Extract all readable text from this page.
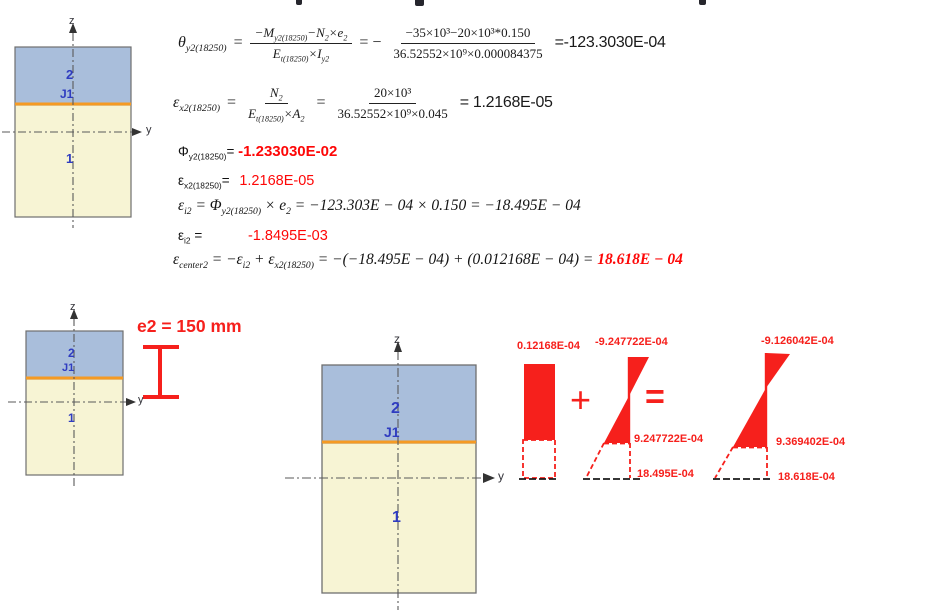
$\theta_{y2(18250)} = \frac{-M_{y2(18250)}-N_2\times e_2}{E_{t(18250)}\times I_{y2}}$ = − $\frac{\text{−35×10³−20×10³*0.150}}{\text{36.52552×10⁹×0.000084375}} =-123.3030E-04$
$\varepsilon_{x2(18250)} = \frac{N_2}{E_{t(18250)}\times A_2} = \frac{\text{20×10³}}{\text{36.52552×10⁹×0.045}} = 1.2168E-05$
$\Phi_{y2(18250)}= -1.233030E-02$
$\varepsilon_{x2(18250)}= 1.2168E-05$
$\varepsilon_{i2} = \Phi_{y2(18250)} \times e_2 = -123.303E - 04 \times 0.150 = -18.495E - 04$
$\varepsilon_{i2}$ =	-1.8495E-03
$\varepsilon_{center2} = -\varepsilon_{i2} + \varepsilon_{x2(18250)} = -(-18.495E - 04) + (0.012168E - 04) = 18.618E - 04$
z
y
2
J1
1
z
y
2
J1
1
e2 = 150 mm
z
y
2
J1
1
0.12168E-04
+
-9.247722E-04
9.247722E-04
18.495E-04
=
-9.126042E-04
9.369402E-04
18.618E-04
